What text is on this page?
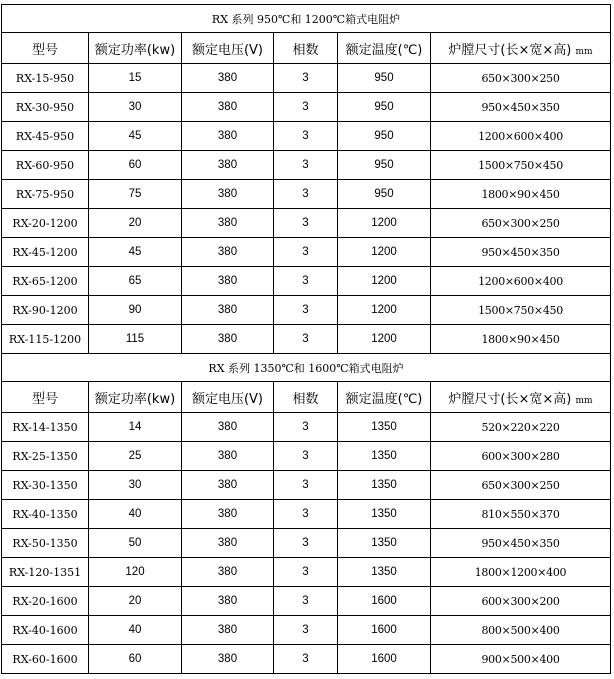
RX 系列 950℃和 1200℃箱式电阻炉					
型号	额定功率(kw)	额定电压(V)	相数	额定温度(℃)	炉膛尺寸(长×宽×高) mm
RX-15-950	15	380	3	950	650×300×250
RX-30-950	30	380	3	950	950×450×350
RX-45-950	45	380	3	950	1200×600×400
RX-60-950	60	380	3	950	1500×750×450
RX-75-950	75	380	3	950	1800×90×450
RX-20-1200	20	380	3	1200	650×300×250
RX-45-1200	45	380	3	1200	950×450×350
RX-65-1200	65	380	3	1200	1200×600×400
RX-90-1200	90	380	3	1200	1500×750×450
RX-115-1200	115	380	3	1200	1800×90×450
RX 系列 1350℃和 1600℃箱式电阻炉					
型号	额定功率(kw)	额定电压(V)	相数	额定温度(℃)	炉膛尺寸(长×宽×高) mm
RX-14-1350	14	380	3	1350	520×220×220
RX-25-1350	25	380	3	1350	600×300×280
RX-30-1350	30	380	3	1350	650×300×250
RX-40-1350	40	380	3	1350	810×550×370
RX-50-1350	50	380	3	1350	950×450×350
RX-120-1351	120	380	3	1350	1800×1200×400
RX-20-1600	20	380	3	1600	600×300×200
RX-40-1600	40	380	3	1600	800×500×400
RX-60-1600	60	380	3	1600	900×500×400
